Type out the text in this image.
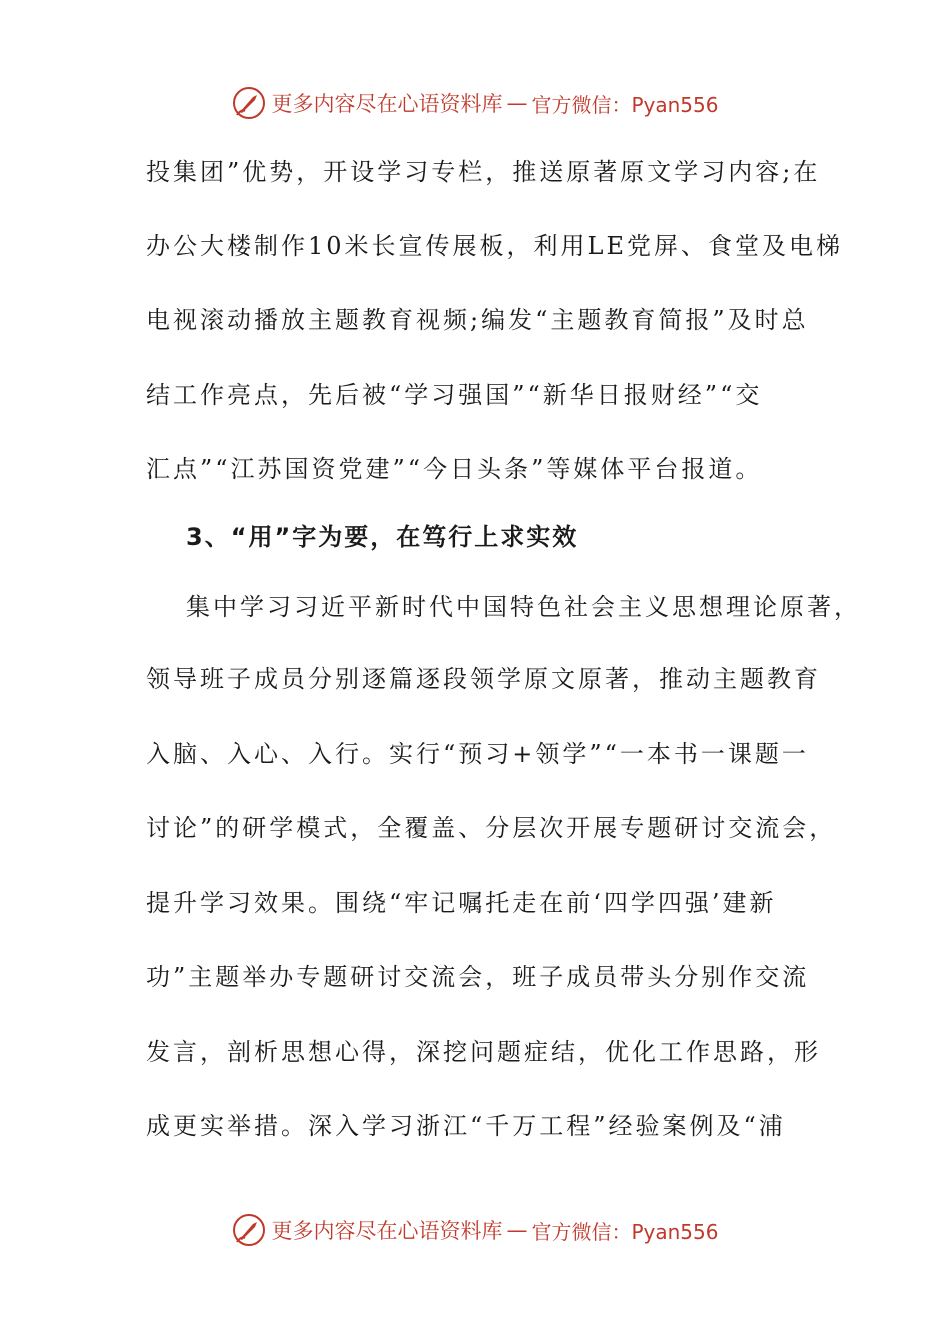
更多内容尽在心语资料库 — 官方微信：Pyan556
投集团”优势，开设学习专栏，推送原著原文学习内容;在
办公大楼制作10米长宣传展板，利用LE党屏、食堂及电梯
电视滚动播放主题教育视频;编发“主题教育简报”及时总
结工作亮点，先后被“学习强国”“新华日报财经”“交
汇点”“江苏国资党建”“今日头条”等媒体平台报道。
3、“用”字为要，在笃行上求实效
集中学习习近平新时代中国特色社会主义思想理论原著，
领导班子成员分别逐篇逐段领学原文原著，推动主题教育
入脑、入心、入行。实行“预习+领学”“一本书一课题一
讨论”的研学模式，全覆盖、分层次开展专题研讨交流会，
提升学习效果。围绕“牢记嘱托走在前‘四学四强’建新
功”主题举办专题研讨交流会，班子成员带头分别作交流
发言，剖析思想心得，深挖问题症结，优化工作思路，形
成更实举措。深入学习浙江“千万工程”经验案例及“浦
更多内容尽在心语资料库 — 官方微信：Pyan556
